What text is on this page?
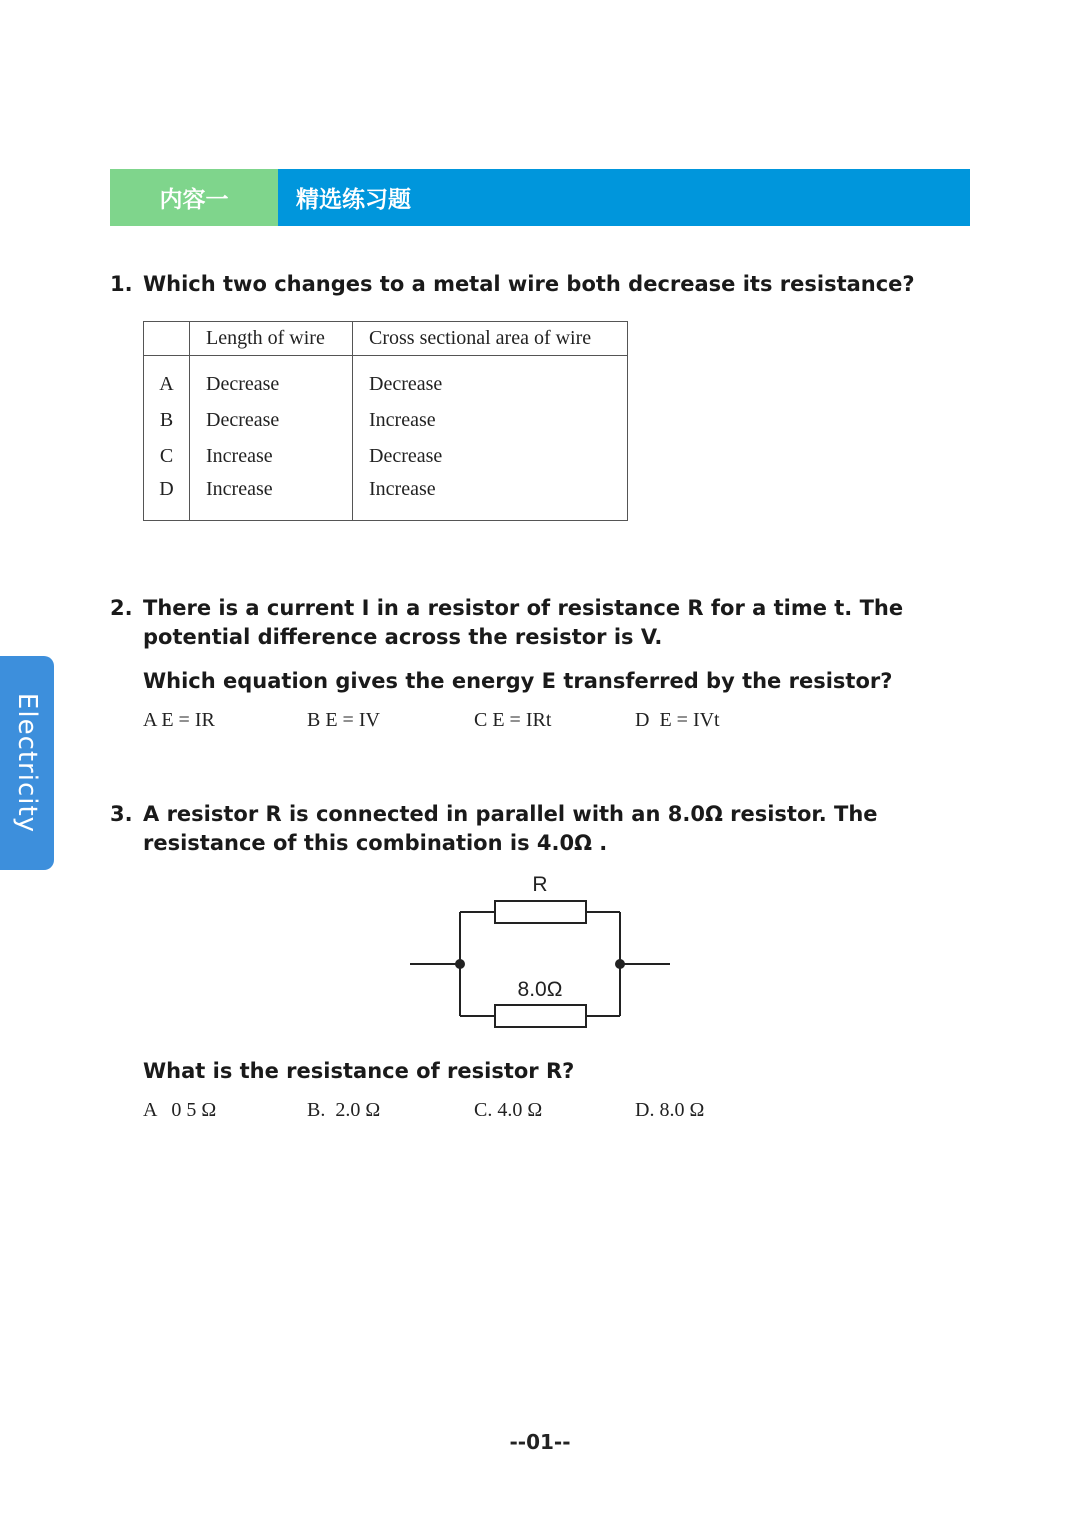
内容一	精选练习题
Electricity
1. Which two changes to a metal wire both decrease its resistance?
	Length of wire	Cross sectional area of wire
A	Decrease	Decrease
B	Decrease	Increase
C	Increase	Decrease
D	Increase	Increase
2. There is a current I in a resistor of resistance R for a time t. The potential difference across the resistor is V.
Which equation gives the energy E transferred by the resistor?
A E = IR	B E = IV	C E = IRt	D  E = IVt
3. A resistor R is connected in parallel with an 8.0Ω resistor. The resistance of this combination is 4.0Ω .
R
8.0Ω
What is the resistance of resistor R?
A   0 5 Ω	B.  2.0 Ω	C. 4.0 Ω	D. 8.0 Ω
--01--
